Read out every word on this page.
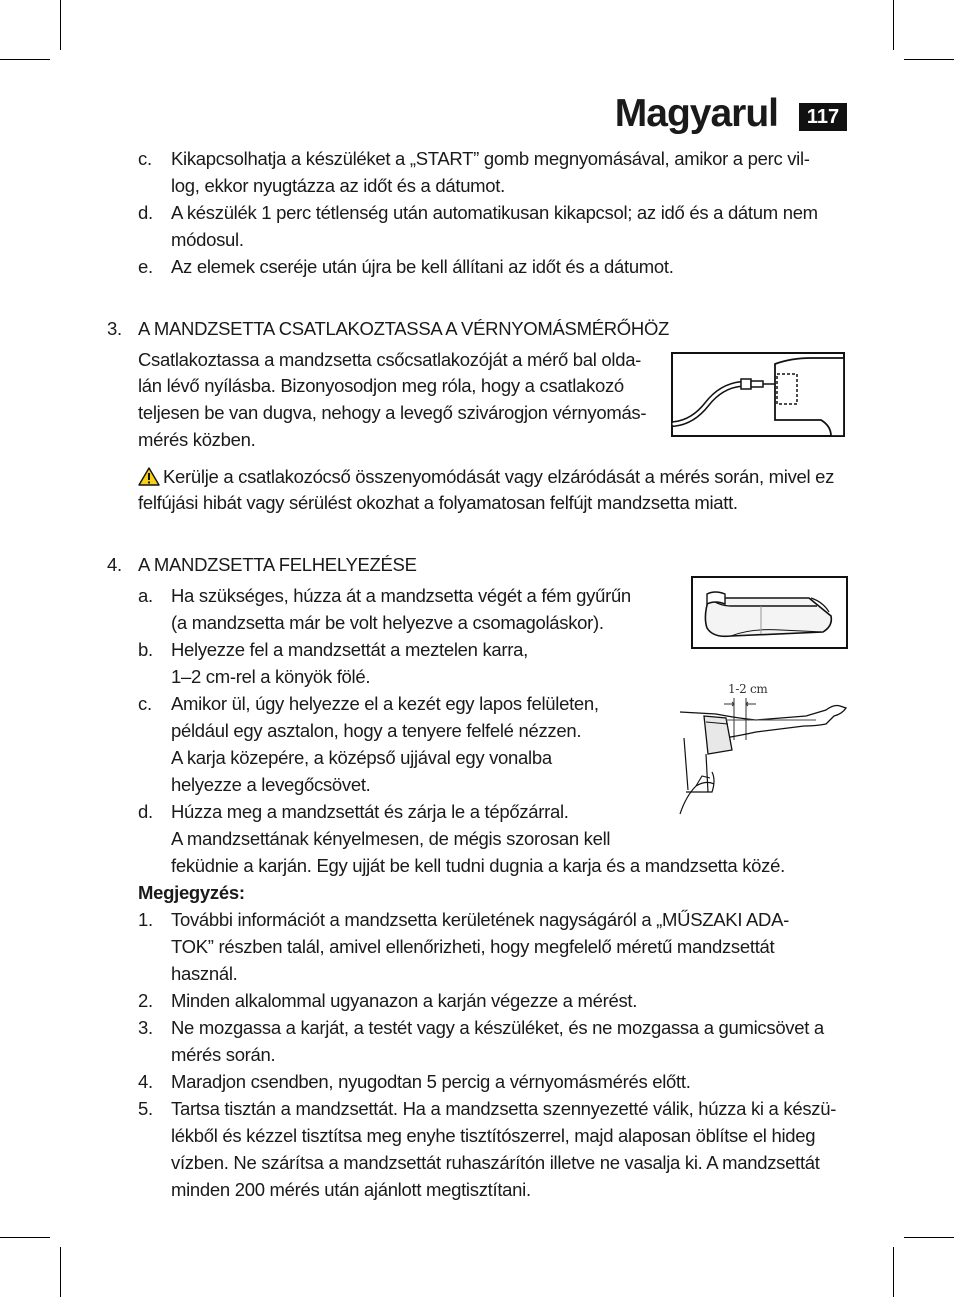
Magyarul	117
c. Kikapcsolhatja a készüléket a „START” gomb megnyomásával, amikor a perc vil-
log, ekkor nyugtázza az időt és a dátumot.
d. A készülék 1 perc tétlenség után automatikusan kikapcsol; az idő és a dátum nem
módosul.
e. Az elemek cseréje után újra be kell állítani az időt és a dátumot.
3. A MANDZSETTA CSATLAKOZTASSA A VÉRNYOMÁSMÉRŐHÖZ
Csatlakoztassa a mandzsetta csőcsatlakozóját a mérő bal olda-
lán lévő nyílásba. Bizonyosodjon meg róla, hogy a csatlakozó
teljesen be van dugva, nehogy a levegő szivárogjon vérnyomás-
mérés közben.
Kerülje a csatlakozócső összenyomódását vagy elzáródását a mérés során, mivel ez
felfújási hibát vagy sérülést okozhat a folyamatosan felfújt mandzsetta miatt.
4. A MANDZSETTA FELHELYEZÉSE
a. Ha szükséges, húzza át a mandzsetta végét a fém gyűrűn
(a mandzsetta már be volt helyezve a csomagoláskor).
b. Helyezze fel a mandzsettát a meztelen karra,
1–2 cm-rel a könyök fölé.
c. Amikor ül, úgy helyezze el a kezét egy lapos felületen,
például egy asztalon, hogy a tenyere felfelé nézzen.
A karja közepére, a középső ujjával egy vonalba
helyezze a levegőcsövet.
d. Húzza meg a mandzsettát és zárja le a tépőzárral.
A mandzsettának kényelmesen, de mégis szorosan kell
feküdnie a karján. Egy ujját be kell tudni dugnia a karja és a mandzsetta közé.
1-2 cm
Megjegyzés:
1. További információt a mandzsetta kerületének nagyságáról a „MŰSZAKI ADA-
TOK” részben talál, amivel ellenőrizheti, hogy megfelelő méretű mandzsettát
használ.
2. Minden alkalommal ugyanazon a karján végezze a mérést.
3. Ne mozgassa a karját, a testét vagy a készüléket, és ne mozgassa a gumicsövet a
mérés során.
4. Maradjon csendben, nyugodtan 5 percig a vérnyomásmérés előtt.
5. Tartsa tisztán a mandzsettát. Ha a mandzsetta szennyezetté válik, húzza ki a készü-
lékből és kézzel tisztítsa meg enyhe tisztítószerrel, majd alaposan öblítse el hideg
vízben. Ne szárítsa a mandzsettát ruhaszárítón illetve ne vasalja ki. A mandzsettát
minden 200 mérés után ajánlott megtisztítani.
